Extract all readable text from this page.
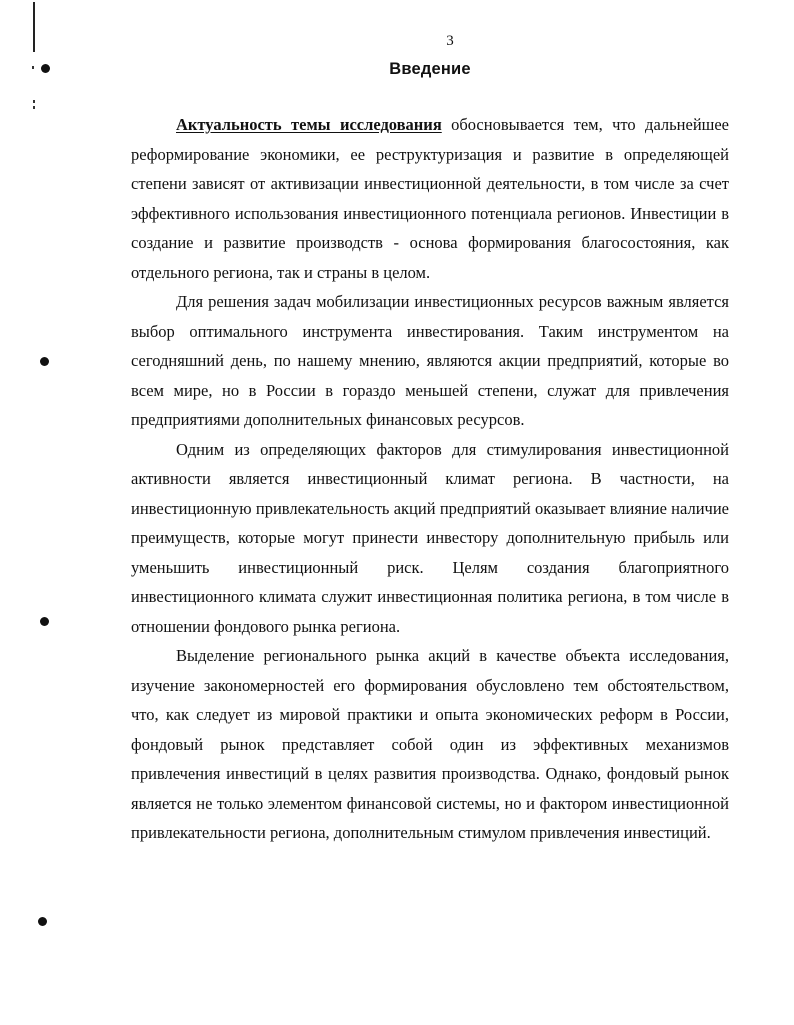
3
Введение

Актуальность темы исследования обосновывается тем, что дальнейшее реформирование экономики, ее реструктуризация и развитие в определяющей степени зависят от активизации инвестиционной деятельности, в том числе за счет эффективного использования инвестиционного потенциала регионов. Инвестиции в создание и развитие производств - основа формирования благосостояния, как отдельного региона, так и страны в целом.

Для решения задач мобилизации инвестиционных ресурсов важным является выбор оптимального инструмента инвестирования. Таким инструментом на сегодняшний день, по нашему мнению, являются акции предприятий, которые во всем мире, но в России в гораздо меньшей степени, служат для привлечения предприятиями дополнительных финансовых ресурсов.

Одним из определяющих факторов для стимулирования инвестиционной активности является инвестиционный климат региона. В частности, на инвестиционную привлекательность акций предприятий оказывает влияние наличие преимуществ, которые могут принести инвестору дополнительную прибыль или уменьшить инвестиционный риск. Целям создания благоприятного инвестиционного климата служит инвестиционная политика региона, в том числе в отношении фондового рынка региона.

Выделение регионального рынка акций в качестве объекта исследования, изучение закономерностей его формирования обусловлено тем обстоятельством, что, как следует из мировой практики и опыта экономических реформ в России, фондовый рынок представляет собой один из эффективных механизмов привлечения инвестиций в целях развития производства. Однако, фондовый рынок является не только элементом финансовой системы, но и фактором инвестиционной привлекательности региона, дополнительным стимулом привлечения инвестиций.
